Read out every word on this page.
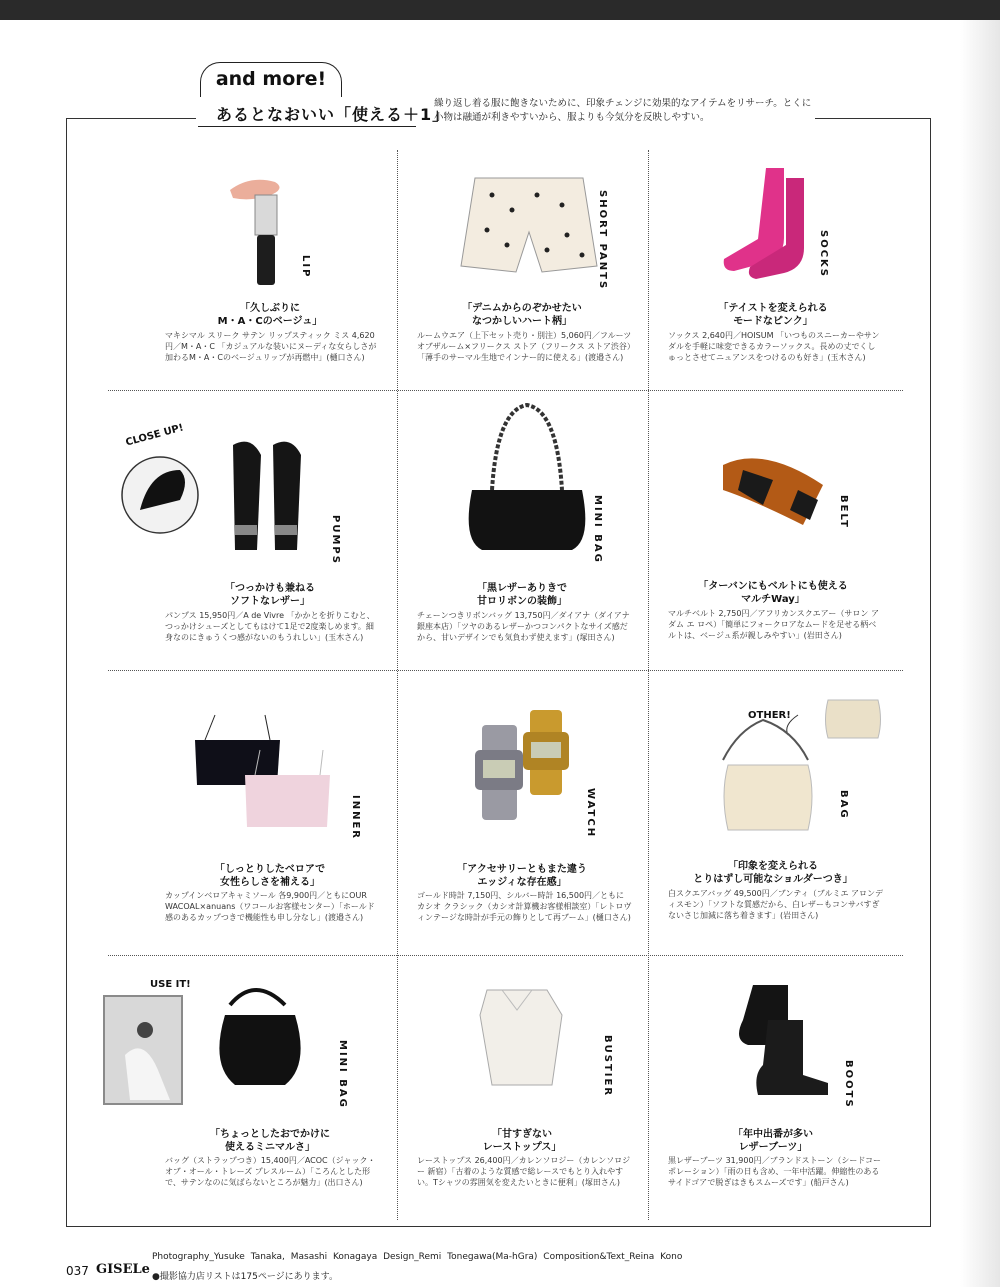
and more!
あるとなおいい「使える＋1」
繰り返し着る服に飽きないために、印象チェンジに効果的なアイテムをリサーチ。とくに小物は融通が利きやすいから、服よりも今気分を反映しやすい。
LIP
「久しぶりに
M・A・Cのベージュ」
マキシマル スリーク サテン リップスティック ミス 4,620円／M・A・C 「カジュアルな装いにヌーディな女らしさが加わるM・A・Cのベージュリップが再燃中」(樋口さん)
SHORT PANTS
「デニムからのぞかせたい
なつかしいハート柄」
ルームウエア（上下セット売り・別注）5,060円／フルーツオブザルーム×フリークス ストア（フリークス ストア渋谷）「薄手のサーマル生地でインナー的に使える」(渡邉さん)
SOCKS
「テイストを変えられる
モードなピンク」
ソックス 2,640円／HOISUM 「いつものスニーカーやサンダルを手軽に味変できるカラーソックス。長めの丈でくしゅっとさせてニュアンスをつけるのも好き」(玉木さん)
CLOSE UP!
PUMPS
「つっかけも兼ねる
ソフトなレザー」
パンプス 15,950円／A de Vivre 「かかとを折りこむと、つっかけシューズとしてもはけて1足で2度楽しめます。細身なのにきゅうくつ感がないのもうれしい」(玉木さん)
MINI BAG
「黒レザーありきで
甘ロリボンの装飾」
チェーンつきリボンバッグ 13,750円／ダイアナ（ダイアナ 銀座本店）「ツヤのあるレザーかつコンパクトなサイズ感だから、甘いデザインでも気負わず使えます」(塚田さん)
BELT
「ターバンにもベルトにも使える
マルチWay」
マルチベルト 2,750円／アフリカンスクエアー（サロン アダム エ ロペ）「簡単にフォークロアなムードを足せる柄ベルトは、ベージュ系が親しみやすい」(岩田さん)
INNER
「しっとりしたベロアで
女性らしさを補える」
カップインベロアキャミソール 各9,900円／ともにOUR WACOAL×anuans（ワコールお客様センター）「ホールド感のあるカップつきで機能性も申し分なし」(渡邉さん)
WATCH
「アクセサリーともまた違う
エッジィな存在感」
ゴールド時計 7,150円、シルバー時計 16,500円／ともにカシオ クラシック（カシオ計算機お客様相談室）「レトロヴィンテージな時計が手元の飾りとして再ブーム」(樋口さん)
OTHER!
BAG
「印象を変えられる
とりはずし可能なショルダーつき」
白スクエアバッグ 49,500円／ブンティ（ブルミエ アロンディスモン）「ソフトな質感だから、白レザーもコンサバすぎないさじ加減に落ち着きます」(岩田さん)
USE IT!
MINI BAG
「ちょっとしたおでかけに
使えるミニマルさ」
バッグ（ストラップつき）15,400円／ACOC（ジャック・オブ・オール・トレーズ プレスルーム）「ころんとした形で、サテンなのに気ばらないところが魅力」(出口さん)
BUSTIER
「甘すぎない
レーストップス」
レーストップス 26,400円／カレンソロジー（カレンソロジー 新宿）「古着のような質感で総レースでもとり入れやすい。Tシャツの雰囲気を変えたいときに便利」(塚田さん)
BOOTS
「年中出番が多い
レザーブーツ」
黒レザーブーツ 31,900円／ブランドストーン（シードコーポレーション）「雨の日も含め、一年中活躍。伸縮性のあるサイドゴアで脱ぎはきもスムーズです」(船戸さん)
037 GISELe
Photography_Yusuke Tanaka, Masashi Konagaya Design_Remi Tonegawa(Ma-hGra) Composition&Text_Reina Kono
●撮影協力店リストは175ページにあります。
